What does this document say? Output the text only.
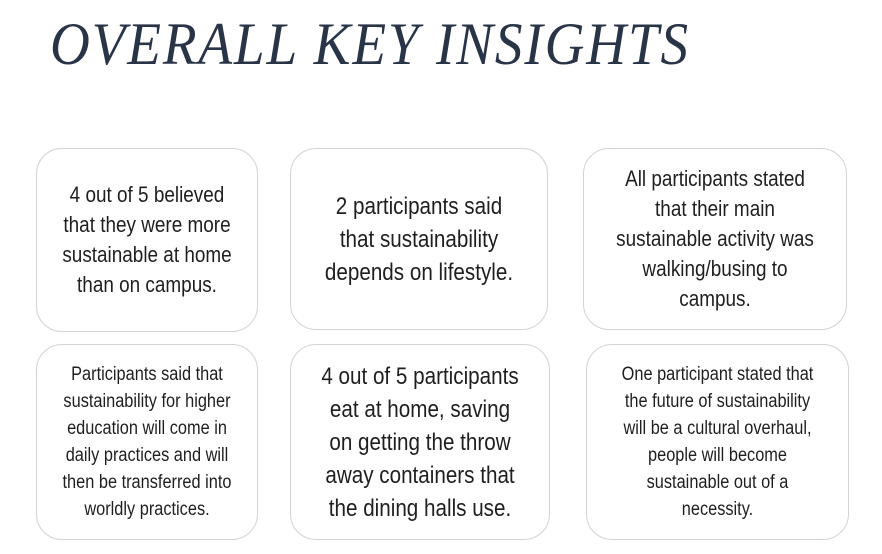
OVERALL KEY INSIGHTS
4 out of 5 believed that they were more sustainable at home than on campus.
2 participants said that sustainability depends on lifestyle.
All participants stated that their main sustainable activity was walking/busing to campus.
Participants said that sustainability for higher education will come in daily practices and will then be transferred into worldly practices.
4 out of 5 participants eat at home, saving on getting the throw away containers that the dining halls use.
One participant stated that the future of sustainability will be a cultural overhaul, people will become sustainable out of a necessity.
